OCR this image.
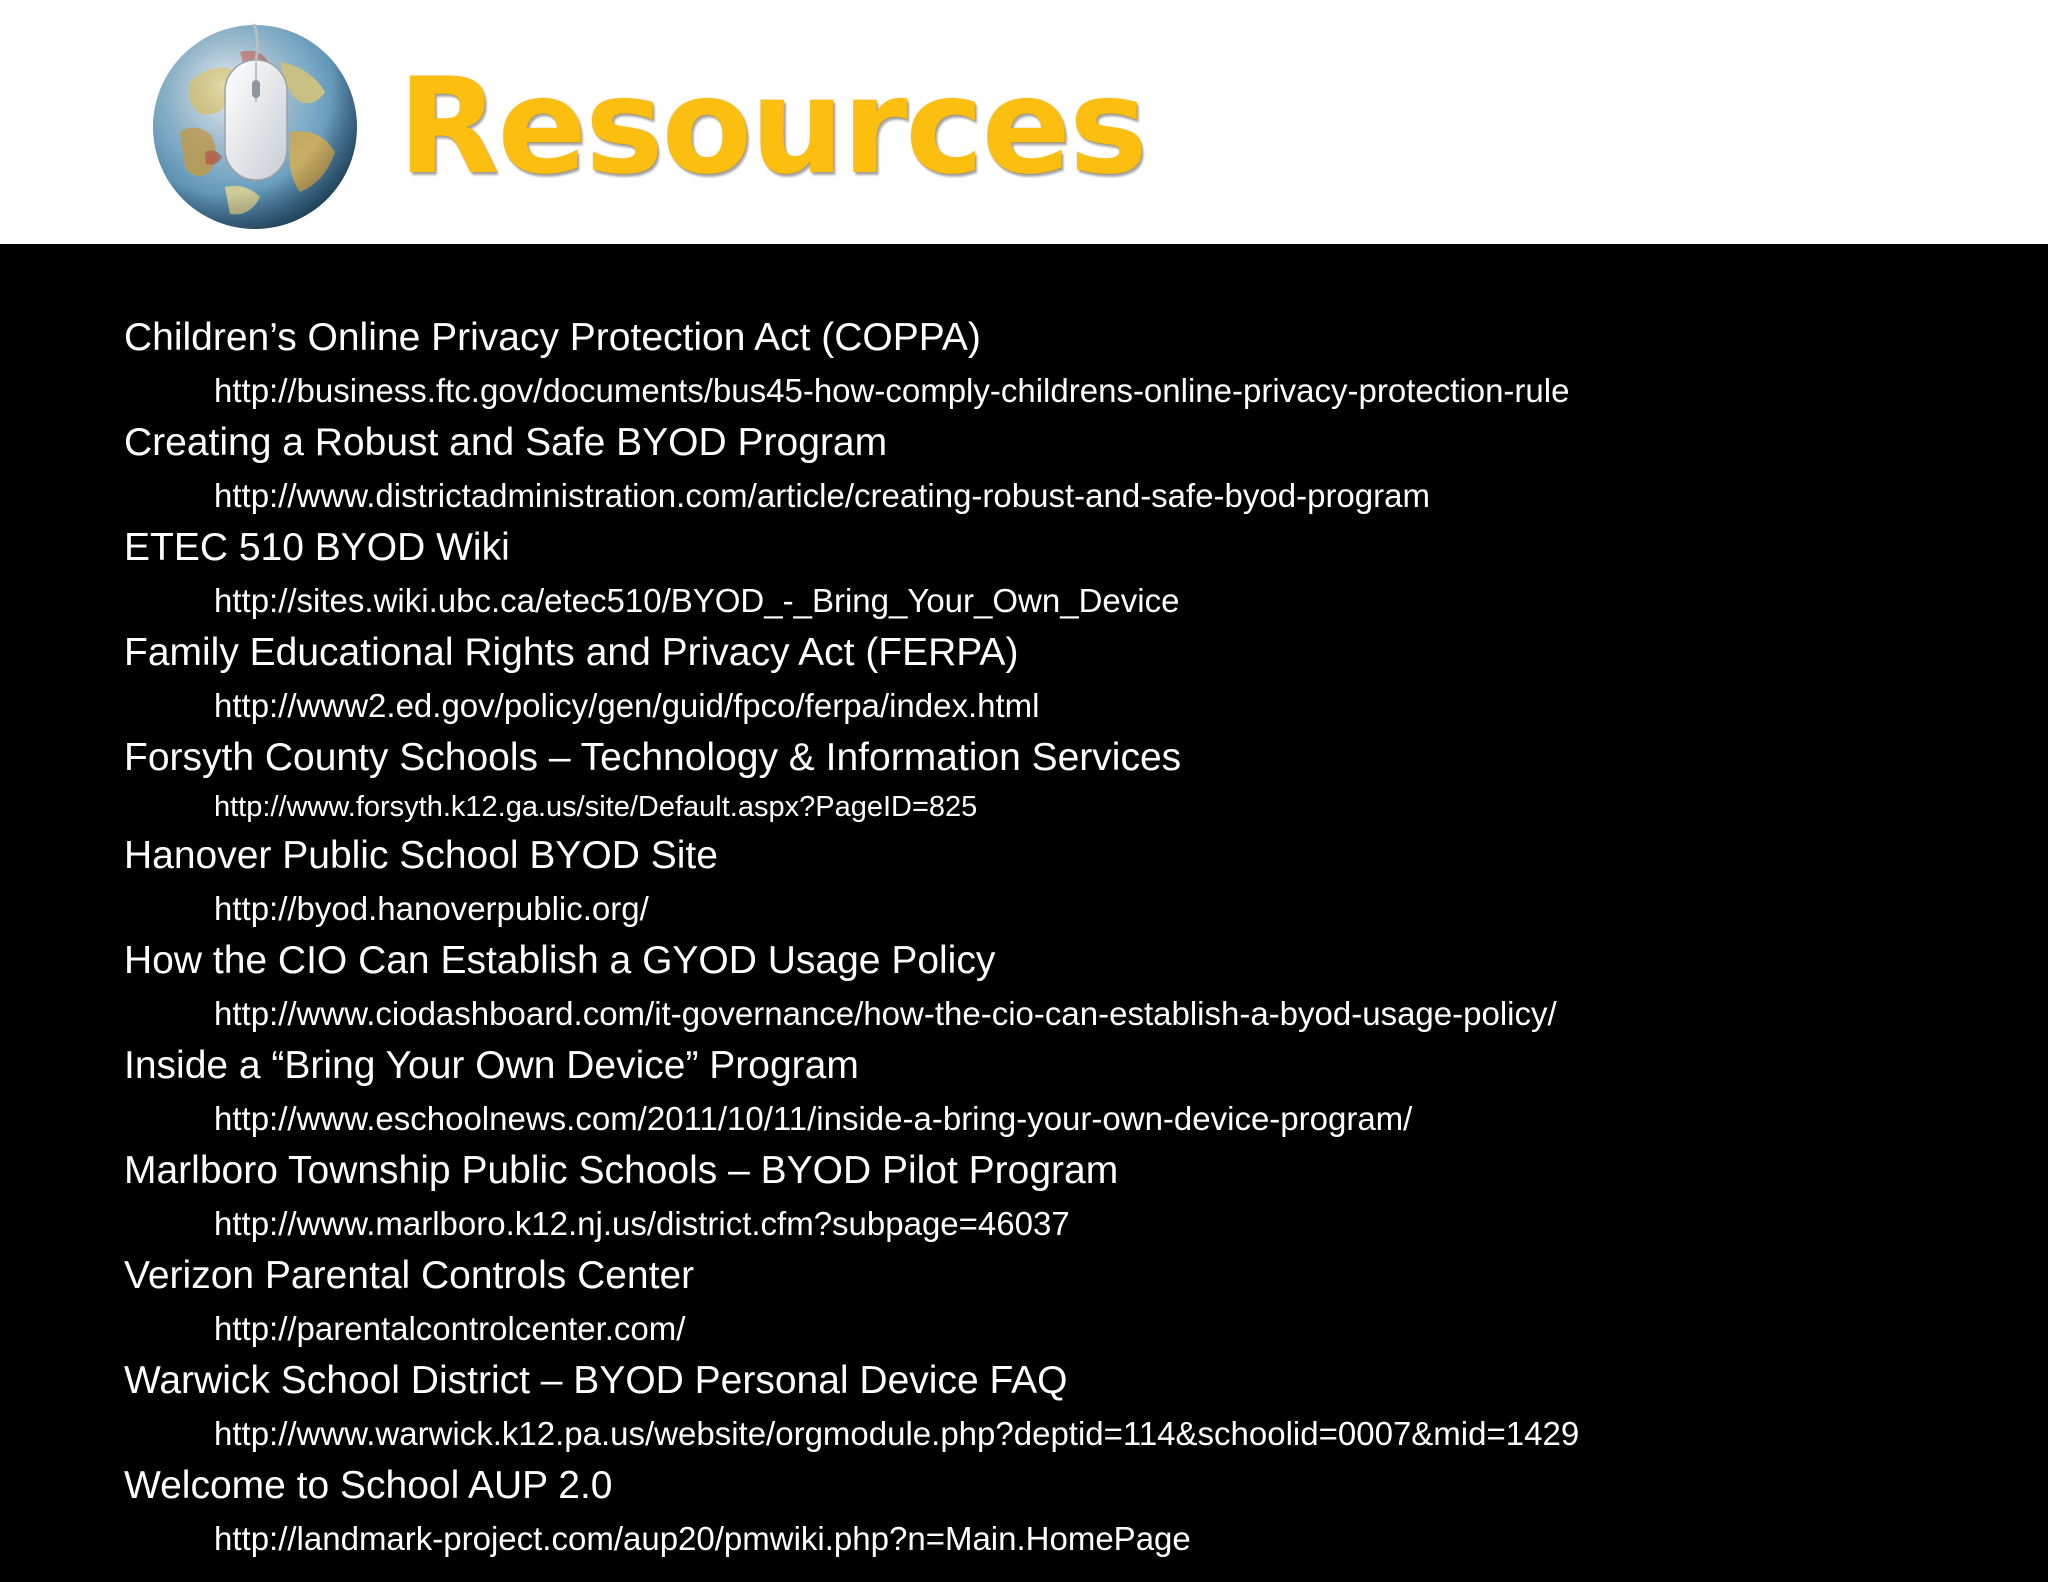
Resources
Children’s Online Privacy Protection Act (COPPA)
http://business.ftc.gov/documents/bus45-how-comply-childrens-online-privacy-protection-rule
Creating a Robust and Safe BYOD Program
http://www.districtadministration.com/article/creating-robust-and-safe-byod-program
ETEC 510 BYOD Wiki
http://sites.wiki.ubc.ca/etec510/BYOD_-_Bring_Your_Own_Device
Family Educational Rights and Privacy Act (FERPA)
http://www2.ed.gov/policy/gen/guid/fpco/ferpa/index.html
Forsyth County Schools – Technology & Information Services
http://www.forsyth.k12.ga.us/site/Default.aspx?PageID=825
Hanover Public School BYOD Site
http://byod.hanoverpublic.org/
How the CIO Can Establish a GYOD Usage Policy
http://www.ciodashboard.com/it-governance/how-the-cio-can-establish-a-byod-usage-policy/
Inside a “Bring Your Own Device” Program
http://www.eschoolnews.com/2011/10/11/inside-a-bring-your-own-device-program/
Marlboro Township Public Schools – BYOD Pilot Program
http://www.marlboro.k12.nj.us/district.cfm?subpage=46037
Verizon Parental Controls Center
http://parentalcontrolcenter.com/
Warwick School District – BYOD Personal Device FAQ
http://www.warwick.k12.pa.us/website/orgmodule.php?deptid=114&schoolid=0007&mid=1429
Welcome to School AUP 2.0
http://landmark-project.com/aup20/pmwiki.php?n=Main.HomePage
